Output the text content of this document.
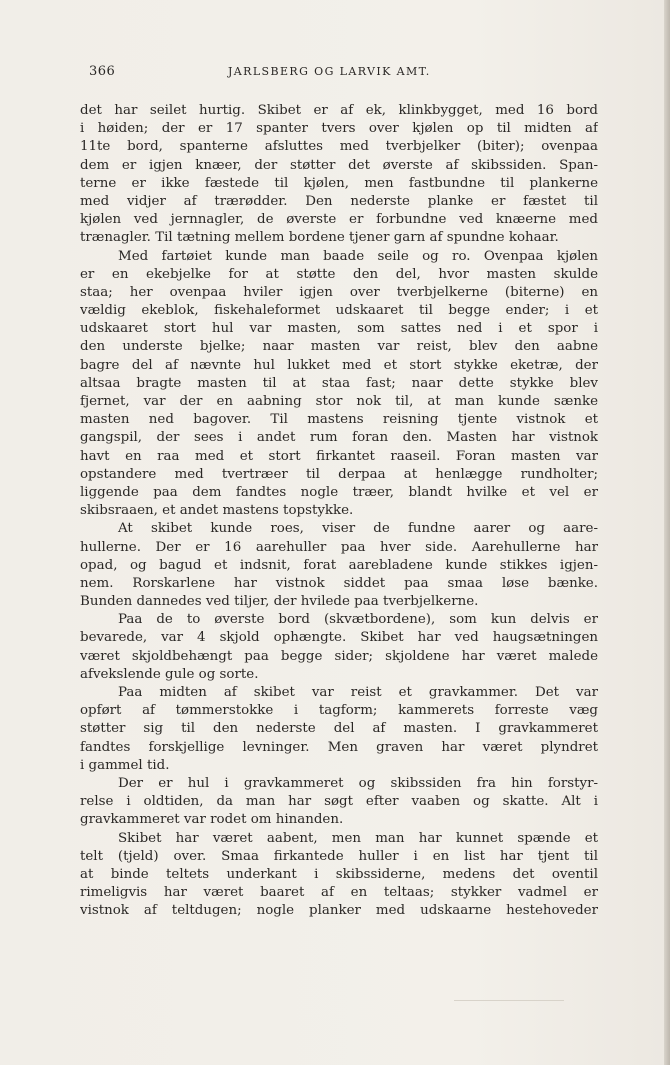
366	JARLSBERG OG LARVIK AMT.
det har seilet hurtig. Skibet er af ek, klinkbygget, med 16 bord
i høiden; der er 17 spanter tvers over kjølen op til midten af
11te bord, spanterne afsluttes med tverbjelker (biter); ovenpaa
dem er igjen knæer, der støtter det øverste af skibssiden. Span-
terne er ikke fæstede til kjølen, men fastbundne til plankerne
med vidjer af trærødder. Den nederste planke er fæstet til
kjølen ved jernnagler, de øverste er forbundne ved knæerne med
trænagler. Til tætning mellem bordene tjener garn af spundne kohaar.
Med fartøiet kunde man baade seile og ro. Ovenpaa kjølen
er en ekebjelke for at støtte den del, hvor masten skulde
staa; her ovenpaa hviler igjen over tverbjelkerne (biterne) en
vældig ekeblok, fiskehaleformet udskaaret til begge ender; i et
udskaaret stort hul var masten, som sattes ned i et spor i
den underste bjelke; naar masten var reist, blev den aabne
bagre del af nævnte hul lukket med et stort stykke eketræ, der
altsaa bragte masten til at staa fast; naar dette stykke blev
fjernet, var der en aabning stor nok til, at man kunde sænke
masten ned bagover. Til mastens reisning tjente vistnok et
gangspil, der sees i andet rum foran den. Masten har vistnok
havt en raa med et stort firkantet raaseil. Foran masten var
opstandere med tvertræer til derpaa at henlægge rundholter;
liggende paa dem fandtes nogle træer, blandt hvilke et vel er
skibsraaen, et andet mastens topstykke.
At skibet kunde roes, viser de fundne aarer og aare-
hullerne. Der er 16 aarehuller paa hver side. Aarehullerne har
opad, og bagud et indsnit, forat aarebladene kunde stikkes igjen-
nem. Rorskarlene har vistnok siddet paa smaa løse bænke.
Bunden dannedes ved tiljer, der hvilede paa tverbjelkerne.
Paa de to øverste bord (skvætbordene), som kun delvis er
bevarede, var 4 skjold ophængte. Skibet har ved haugsætningen
været skjoldbehængt paa begge sider; skjoldene har været malede
afvekslende gule og sorte.
Paa midten af skibet var reist et gravkammer. Det var
opført af tømmerstokke i tagform; kammerets forreste væg
støtter sig til den nederste del af masten. I gravkammeret
fandtes forskjellige levninger. Men graven har været plyndret
i gammel tid.
Der er hul i gravkammeret og skibssiden fra hin forstyr-
relse i oldtiden, da man har søgt efter vaaben og skatte. Alt i
gravkammeret var rodet om hinanden.
Skibet har været aabent, men man har kunnet spænde et
telt (tjeld) over. Smaa firkantede huller i en list har tjent til
at binde teltets underkant i skibssiderne, medens det oventil
rimeligvis har været baaret af en teltaas; stykker vadmel er
vistnok af teltdugen; nogle planker med udskaarne hestehoveder
